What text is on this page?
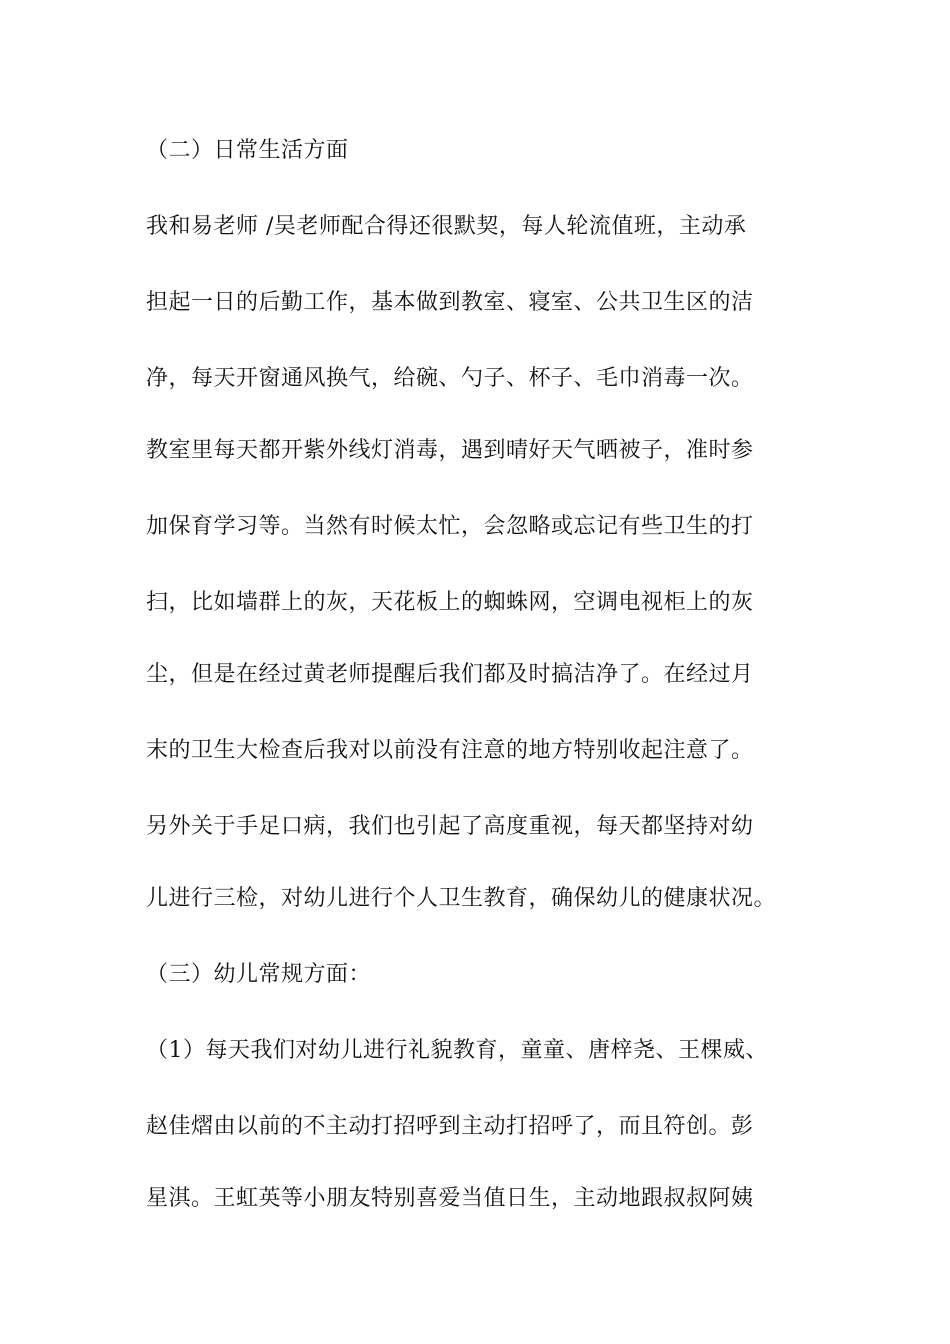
（二）日常生活方面
我和易老师 /吴老师配合得还很默契，每人轮流值班，主动承
担起一日的后勤工作，基本做到教室、寝室、公共卫生区的洁
净，每天开窗通风换气，给碗、勺子、杯子、毛巾消毒一次。
教室里每天都开紫外线灯消毒，遇到晴好天气晒被子，准时参
加保育学习等。当然有时候太忙，会忽略或忘记有些卫生的打
扫，比如墙群上的灰，天花板上的蜘蛛网，空调电视柜上的灰
尘，但是在经过黄老师提醒后我们都及时搞洁净了。在经过月
末的卫生大检查后我对以前没有注意的地方特别收起注意了。
另外关于手足口病，我们也引起了高度重视，每天都坚持对幼
儿进行三检，对幼儿进行个人卫生教育，确保幼儿的健康状况。
（三）幼儿常规方面：
（1）每天我们对幼儿进行礼貌教育，童童、唐梓尧、王棵威、
赵佳熠由以前的不主动打招呼到主动打招呼了，而且符创。彭
星淇。王虹英等小朋友特别喜爱当值日生，主动地跟叔叔阿姨
